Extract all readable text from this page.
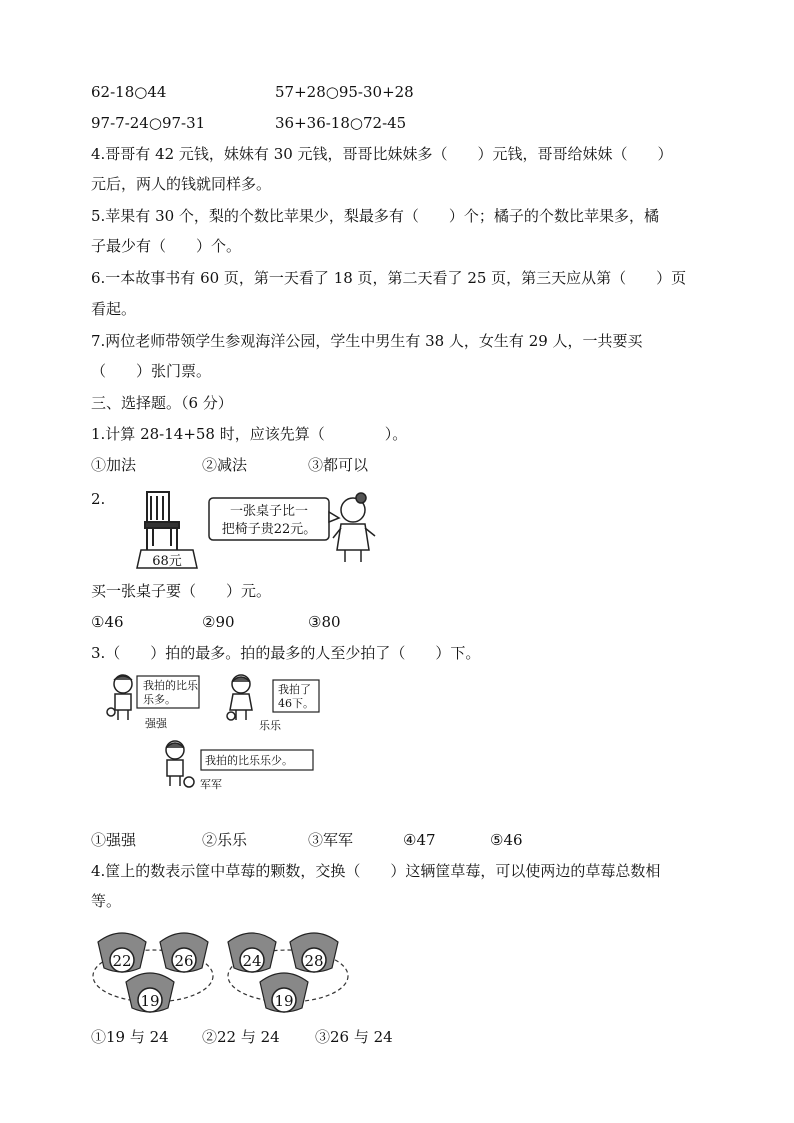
62-18○44	57+28○95-30+28
97-7-24○97-31	36+36-18○72-45
4.哥哥有 42 元钱，妹妹有 30 元钱，哥哥比妹妹多（　　）元钱，哥哥给妹妹（　　）
元后，两人的钱就同样多。
5.苹果有 30 个，梨的个数比苹果少，梨最多有（　　）个；橘子的个数比苹果多，橘
子最少有（　　）个。
6.一本故事书有 60 页，第一天看了 18 页，第二天看了 25 页，第三天应从第（　　）页
看起。
7.两位老师带领学生参观海洋公园，学生中男生有 38 人，女生有 29 人，一共要买
（　　）张门票。
三、选择题。（6 分）
1.计算 28-14+58 时，应该先算（　　　　）。
①加法	②减法	③都可以
2.
68元
一张桌子比一
把椅子贵22元。
买一张桌子要（　　）元。
①46	②90	③80
3.（　　）拍的最多。拍的最多的人至少拍了（　　）下。
我拍的比乐
乐多。
强强
我拍了
46下。
乐乐
我拍的比乐乐少。
军军
①强强	②乐乐	③军军	④47	⑤46
4.筐上的数表示筐中草莓的颗数，交换（　　）这辆筐草莓，可以使两边的草莓总数相
等。
22	26
19
24	28
19
①19 与 24 ②22 与 24 ③26 与 24
